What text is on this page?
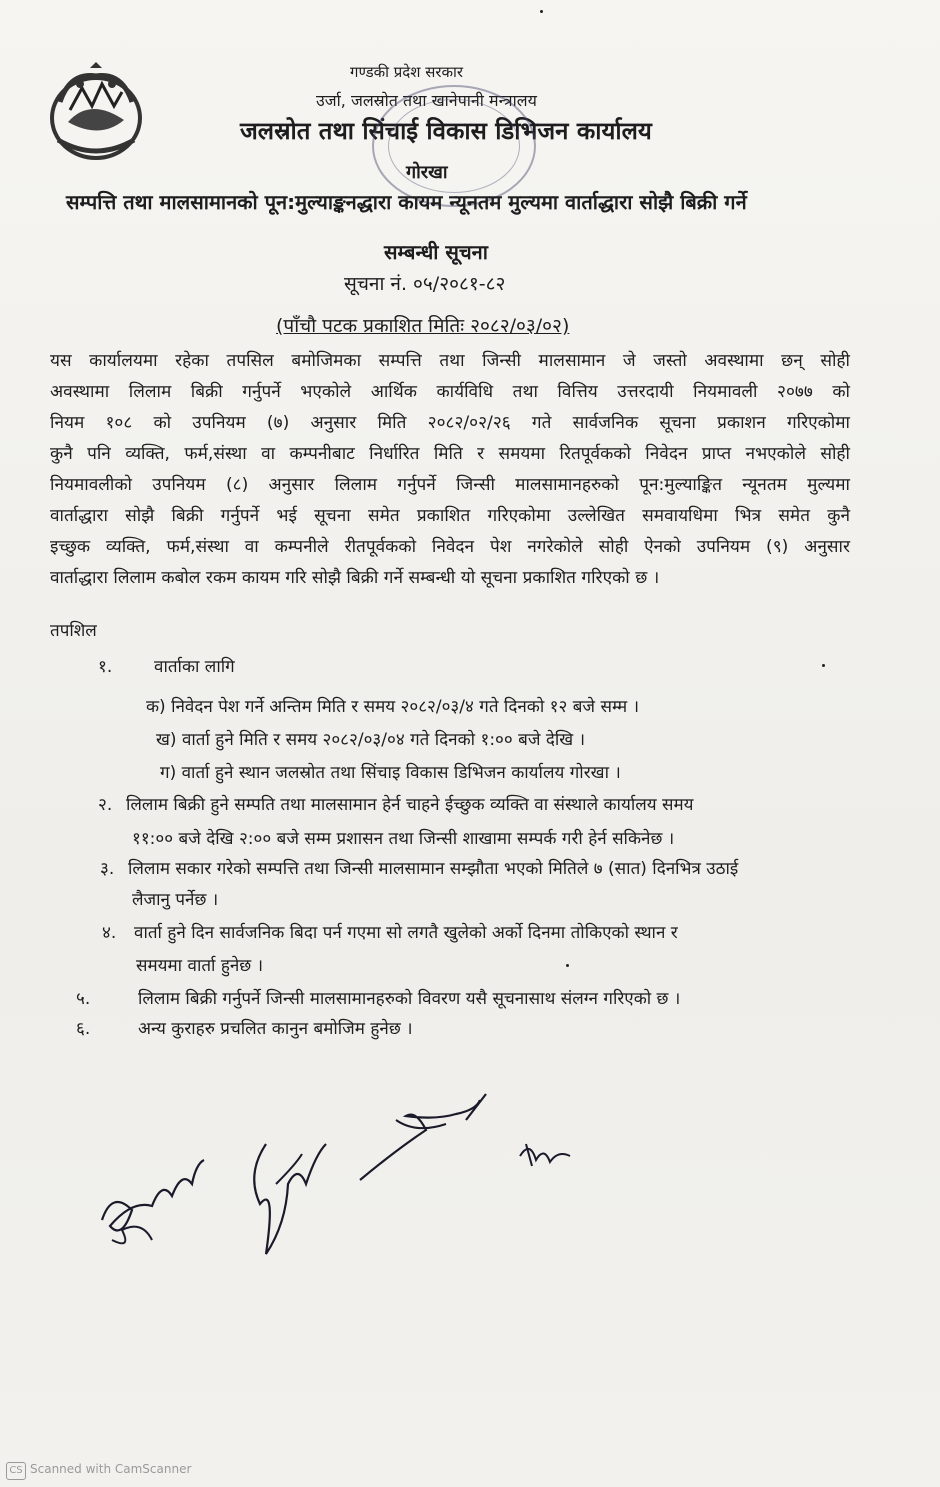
गण्डकी प्रदेश सरकार
उर्जा, जलस्रोत तथा खानेपानी मन्त्रालय
जलस्रोत तथा सिंचाई विकास डिभिजन कार्यालय
गोरखा
सम्पत्ति तथा मालसामानको पून:मुल्याङ्कनद्धारा कायम न्यूनतम मुल्यमा वार्ताद्धारा सोझै बिक्री गर्ने
सम्बन्धी सूचना
सूचना नं. ०५/२०८१-८२
(पाँचौ पटक प्रकाशित मितिः २०८२/०३/०२)
यस कार्यालयमा रहेका तपसिल बमोजिमका सम्पत्ति तथा जिन्सी मालसामान जे जस्तो अवस्थामा छन् सोही
अवस्थामा लिलाम बिक्री गर्नुपर्ने भएकोले आर्थिक कार्यविधि तथा वित्तिय उत्तरदायी नियमावली २०७७ को
नियम १०८ को उपनियम (७) अनुसार मिति २०८२/०२/२६ गते सार्वजनिक सूचना प्रकाशन गरिएकोमा
कुनै पनि व्यक्ति, फर्म,संस्था वा कम्पनीबाट निर्धारित मिति र समयमा रितपूर्वकको निवेदन प्राप्त नभएकोले सोही
नियमावलीको उपनियम (८) अनुसार लिलाम गर्नुपर्ने जिन्सी मालसामानहरुको पून:मुल्याङ्कित न्यूनतम मुल्यमा
वार्ताद्धारा सोझै बिक्री गर्नुपर्ने भई सूचना समेत प्रकाशित गरिएकोमा उल्लेखित समवायधिमा भित्र समेत कुनै
इच्छुक व्यक्ति, फर्म,संस्था वा कम्पनीले रीतपूर्वकको निवेदन पेश नगरेकोले सोही ऐनको उपनियम (९) अनुसार
वार्ताद्धारा लिलाम कबोल रकम कायम गरि सोझै बिक्री गर्ने सम्बन्धी यो सूचना प्रकाशित गरिएको छ ।
तपशिल
१. वार्ताका लागि
क) निवेदन पेश गर्ने अन्तिम मिति र समय २०८२/०३/४ गते दिनको १२ बजे सम्म ।
ख) वार्ता हुने मिति र समय २०८२/०३/०४ गते दिनको १:०० बजे देखि ।
ग) वार्ता हुने स्थान जलस्रोत तथा सिंचाइ विकास डिभिजन कार्यालय गोरखा ।
२. लिलाम बिक्री हुने सम्पति तथा मालसामान हेर्न चाहने ईच्छुक व्यक्ति वा संस्थाले कार्यालय समय
११:०० बजे देखि २:०० बजे सम्म प्रशासन तथा जिन्सी शाखामा सम्पर्क गरी हेर्न सकिनेछ ।
३. लिलाम सकार गरेको सम्पत्ति तथा जिन्सी मालसामान सम्झौता भएको मितिले ७ (सात) दिनभित्र उठाई
लैजानु पर्नेछ ।
४. वार्ता हुने दिन सार्वजनिक बिदा पर्न गएमा सो लगतै खुलेको अर्को दिनमा तोकिएको स्थान र
समयमा वार्ता हुनेछ ।
५.	लिलाम बिक्री गर्नुपर्ने जिन्सी मालसामानहरुको विवरण यसै सूचनासाथ संलग्न गरिएको छ ।
६.	अन्य कुराहरु प्रचलित कानुन बमोजिम हुनेछ ।
CS Scanned with CamScanner
